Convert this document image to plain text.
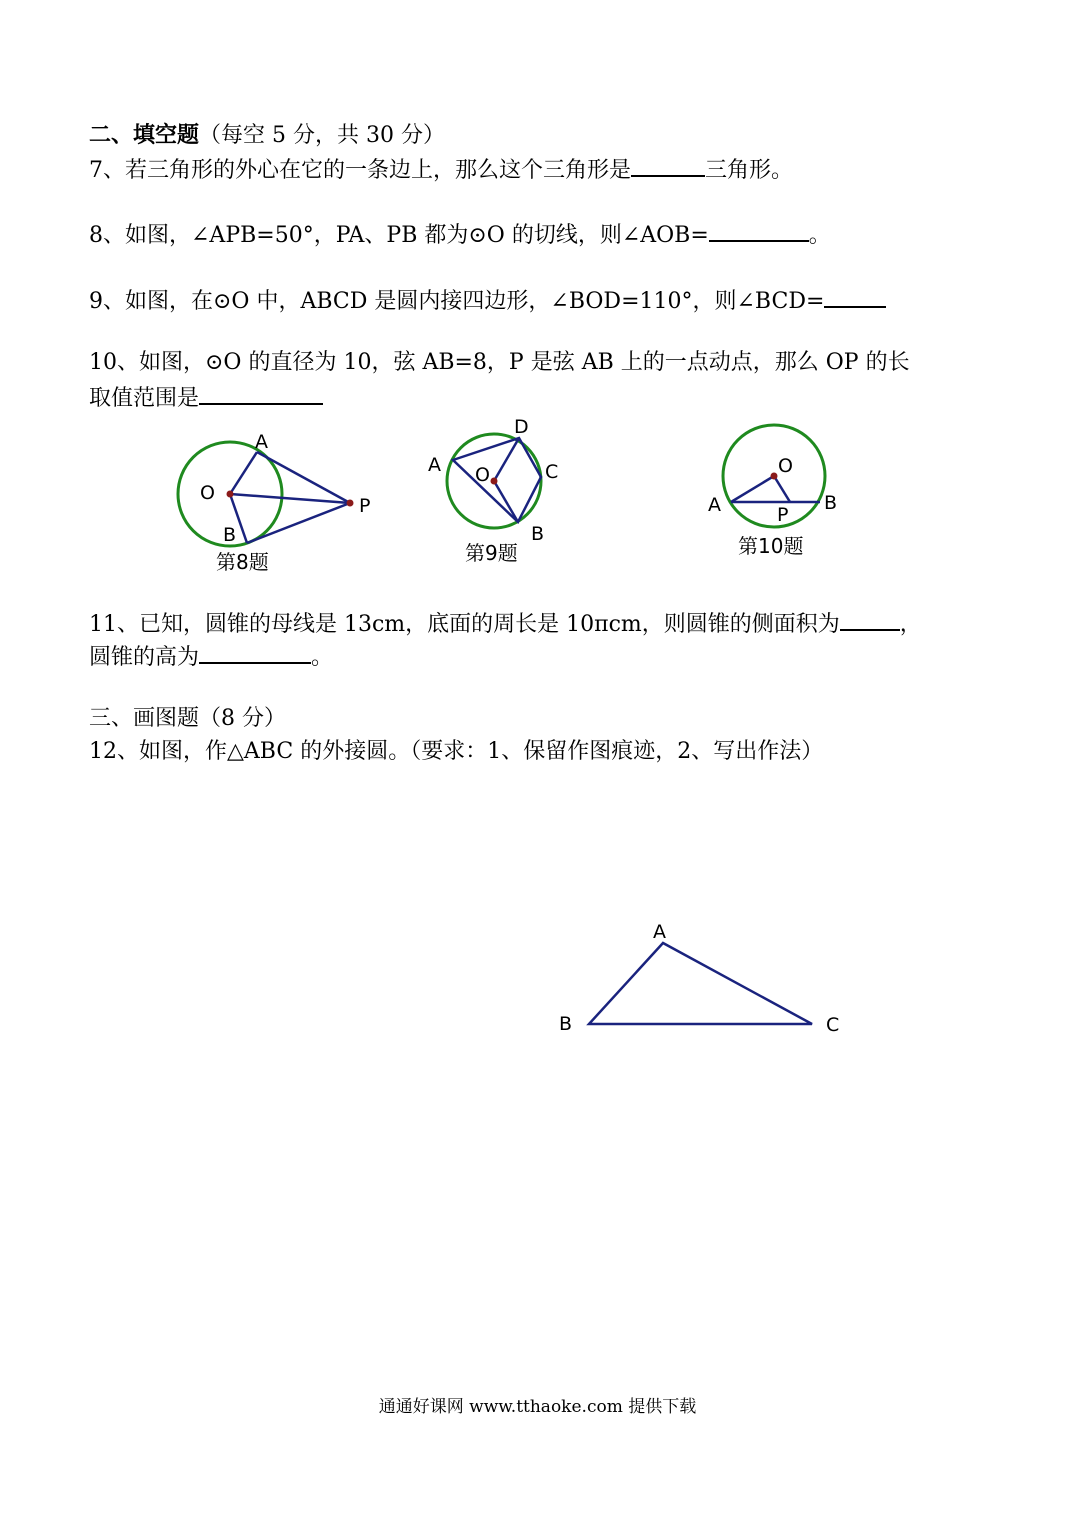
二、填空题（每空 5 分，共 30 分）
7、若三角形的外心在它的一条边上，那么这个三角形是	三角形。
8、如图，∠APB=50°，PA、PB 都为⊙O 的切线，则∠AOB=	。
9、如图，在⊙O 中，ABCD 是圆内接四边形，∠BOD=110°，则∠BCD=
10、如图，⊙O 的直径为 10，弦 AB=8，P 是弦 AB 上的一点动点，那么 OP 的长
取值范围是
A
O
B
P
第8题
A O
D
C
B
第9题
O
A	P
B
第10题
A
B	C
11、已知，圆锥的母线是 13cm，底面的周长是 10πcm，则圆锥的侧面积为	，
圆锥的高为	。
三、画图题（8 分）
12、如图，作△ABC 的外接圆。（要求：1、保留作图痕迹，2、写出作法）
通通好课网 www.tthaoke.com 提供下载
